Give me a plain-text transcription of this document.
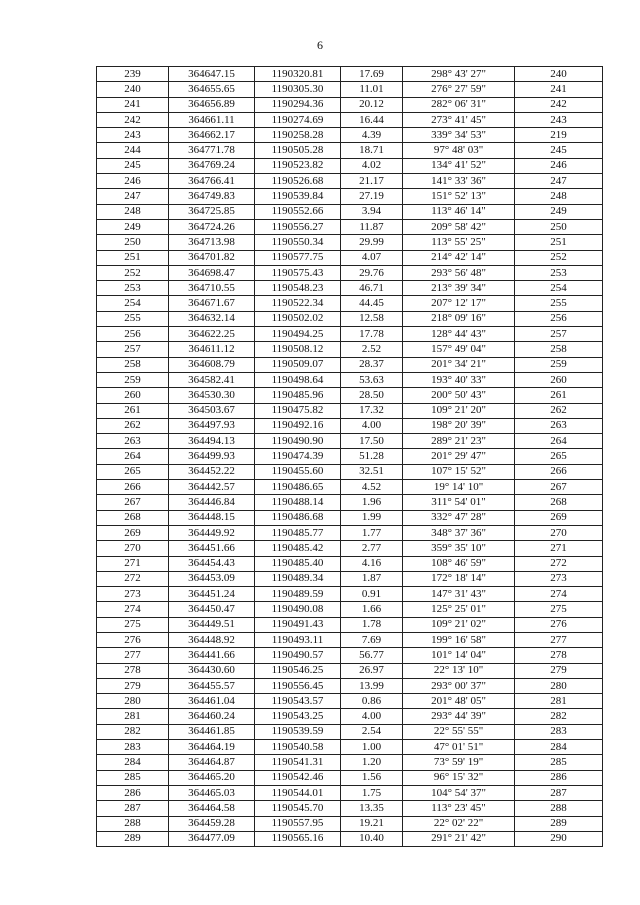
6
239	364647.15	1190320.81	17.69	298° 43' 27"	240
240	364655.65	1190305.30	11.01	276° 27' 59"	241
241	364656.89	1190294.36	20.12	282° 06' 31"	242
242	364661.11	1190274.69	16.44	273° 41' 45"	243
243	364662.17	1190258.28	4.39	339° 34' 53"	219
244	364771.78	1190505.28	18.71	97° 48' 03"	245
245	364769.24	1190523.82	4.02	134° 41' 52"	246
246	364766.41	1190526.68	21.17	141° 33' 36"	247
247	364749.83	1190539.84	27.19	151° 52' 13"	248
248	364725.85	1190552.66	3.94	113° 46' 14"	249
249	364724.26	1190556.27	11.87	209° 58' 42"	250
250	364713.98	1190550.34	29.99	113° 55' 25"	251
251	364701.82	1190577.75	4.07	214° 42' 14"	252
252	364698.47	1190575.43	29.76	293° 56' 48"	253
253	364710.55	1190548.23	46.71	213° 39' 34"	254
254	364671.67	1190522.34	44.45	207° 12' 17"	255
255	364632.14	1190502.02	12.58	218° 09' 16"	256
256	364622.25	1190494.25	17.78	128° 44' 43"	257
257	364611.12	1190508.12	2.52	157° 49' 04"	258
258	364608.79	1190509.07	28.37	201° 34' 21"	259
259	364582.41	1190498.64	53.63	193° 40' 33"	260
260	364530.30	1190485.96	28.50	200° 50' 43"	261
261	364503.67	1190475.82	17.32	109° 21' 20"	262
262	364497.93	1190492.16	4.00	198° 20' 39"	263
263	364494.13	1190490.90	17.50	289° 21' 23"	264
264	364499.93	1190474.39	51.28	201° 29' 47"	265
265	364452.22	1190455.60	32.51	107° 15' 52"	266
266	364442.57	1190486.65	4.52	19° 14' 10"	267
267	364446.84	1190488.14	1.96	311° 54' 01"	268
268	364448.15	1190486.68	1.99	332° 47' 28"	269
269	364449.92	1190485.77	1.77	348° 37' 36"	270
270	364451.66	1190485.42	2.77	359° 35' 10"	271
271	364454.43	1190485.40	4.16	108° 46' 59"	272
272	364453.09	1190489.34	1.87	172° 18' 14"	273
273	364451.24	1190489.59	0.91	147° 31' 43"	274
274	364450.47	1190490.08	1.66	125° 25' 01"	275
275	364449.51	1190491.43	1.78	109° 21' 02"	276
276	364448.92	1190493.11	7.69	199° 16' 58"	277
277	364441.66	1190490.57	56.77	101° 14' 04"	278
278	364430.60	1190546.25	26.97	22° 13' 10"	279
279	364455.57	1190556.45	13.99	293° 00' 37"	280
280	364461.04	1190543.57	0.86	201° 48' 05"	281
281	364460.24	1190543.25	4.00	293° 44' 39"	282
282	364461.85	1190539.59	2.54	22° 55' 55"	283
283	364464.19	1190540.58	1.00	47° 01' 51"	284
284	364464.87	1190541.31	1.20	73° 59' 19"	285
285	364465.20	1190542.46	1.56	96° 15' 32"	286
286	364465.03	1190544.01	1.75	104° 54' 37"	287
287	364464.58	1190545.70	13.35	113° 23' 45"	288
288	364459.28	1190557.95	19.21	22° 02' 22"	289
289	364477.09	1190565.16	10.40	291° 21' 42"	290
